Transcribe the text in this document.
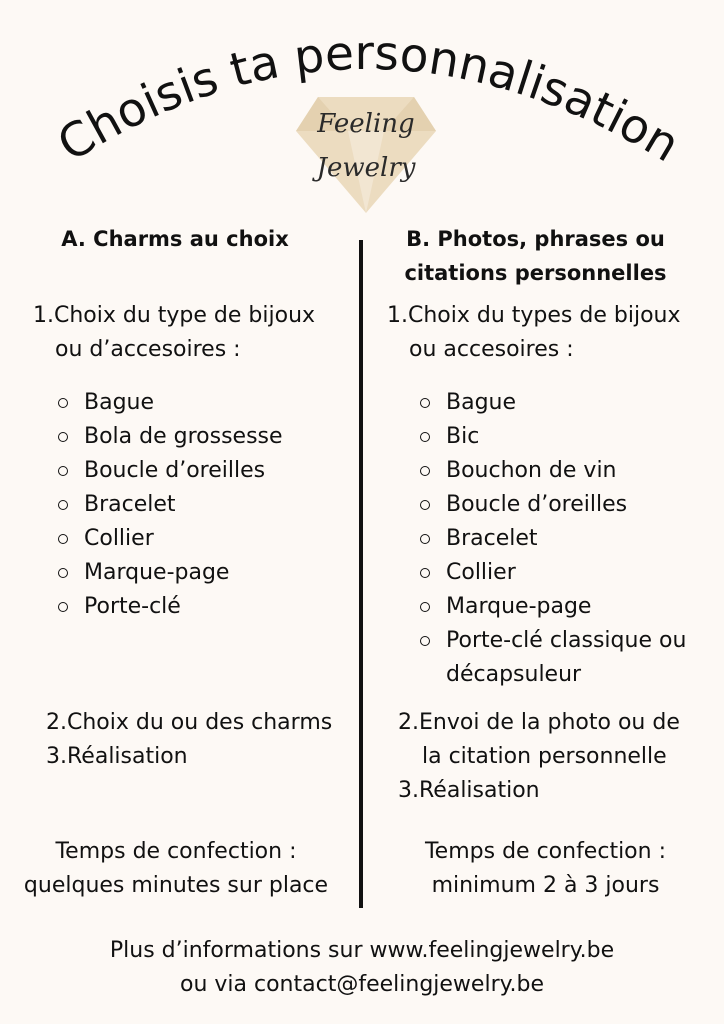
Choisis ta personnalisation
Feeling
Jewelry
A. Charms au choix
1. Choix du type de bijoux
ou d’accesoires :
Bague
Bola de grossesse
Boucle d’oreilles
Bracelet
Collier
Marque-page
Porte-clé
2. Choix du ou des charms
3. Réalisation
Temps de confection :
quelques minutes sur place
B. Photos, phrases ou
citations personnelles
1. Choix du types de bijoux
ou accesoires :
Bague
Bic
Bouchon de vin
Boucle d’oreilles
Bracelet
Collier
Marque-page
Porte-clé classique ou
décapsuleur
2. Envoi de la photo ou de
la citation personnelle
3. Réalisation
Temps de confection :
minimum 2 à 3 jours
Plus d’informations sur www.feelingjewelry.be
ou via contact@feelingjewelry.be
